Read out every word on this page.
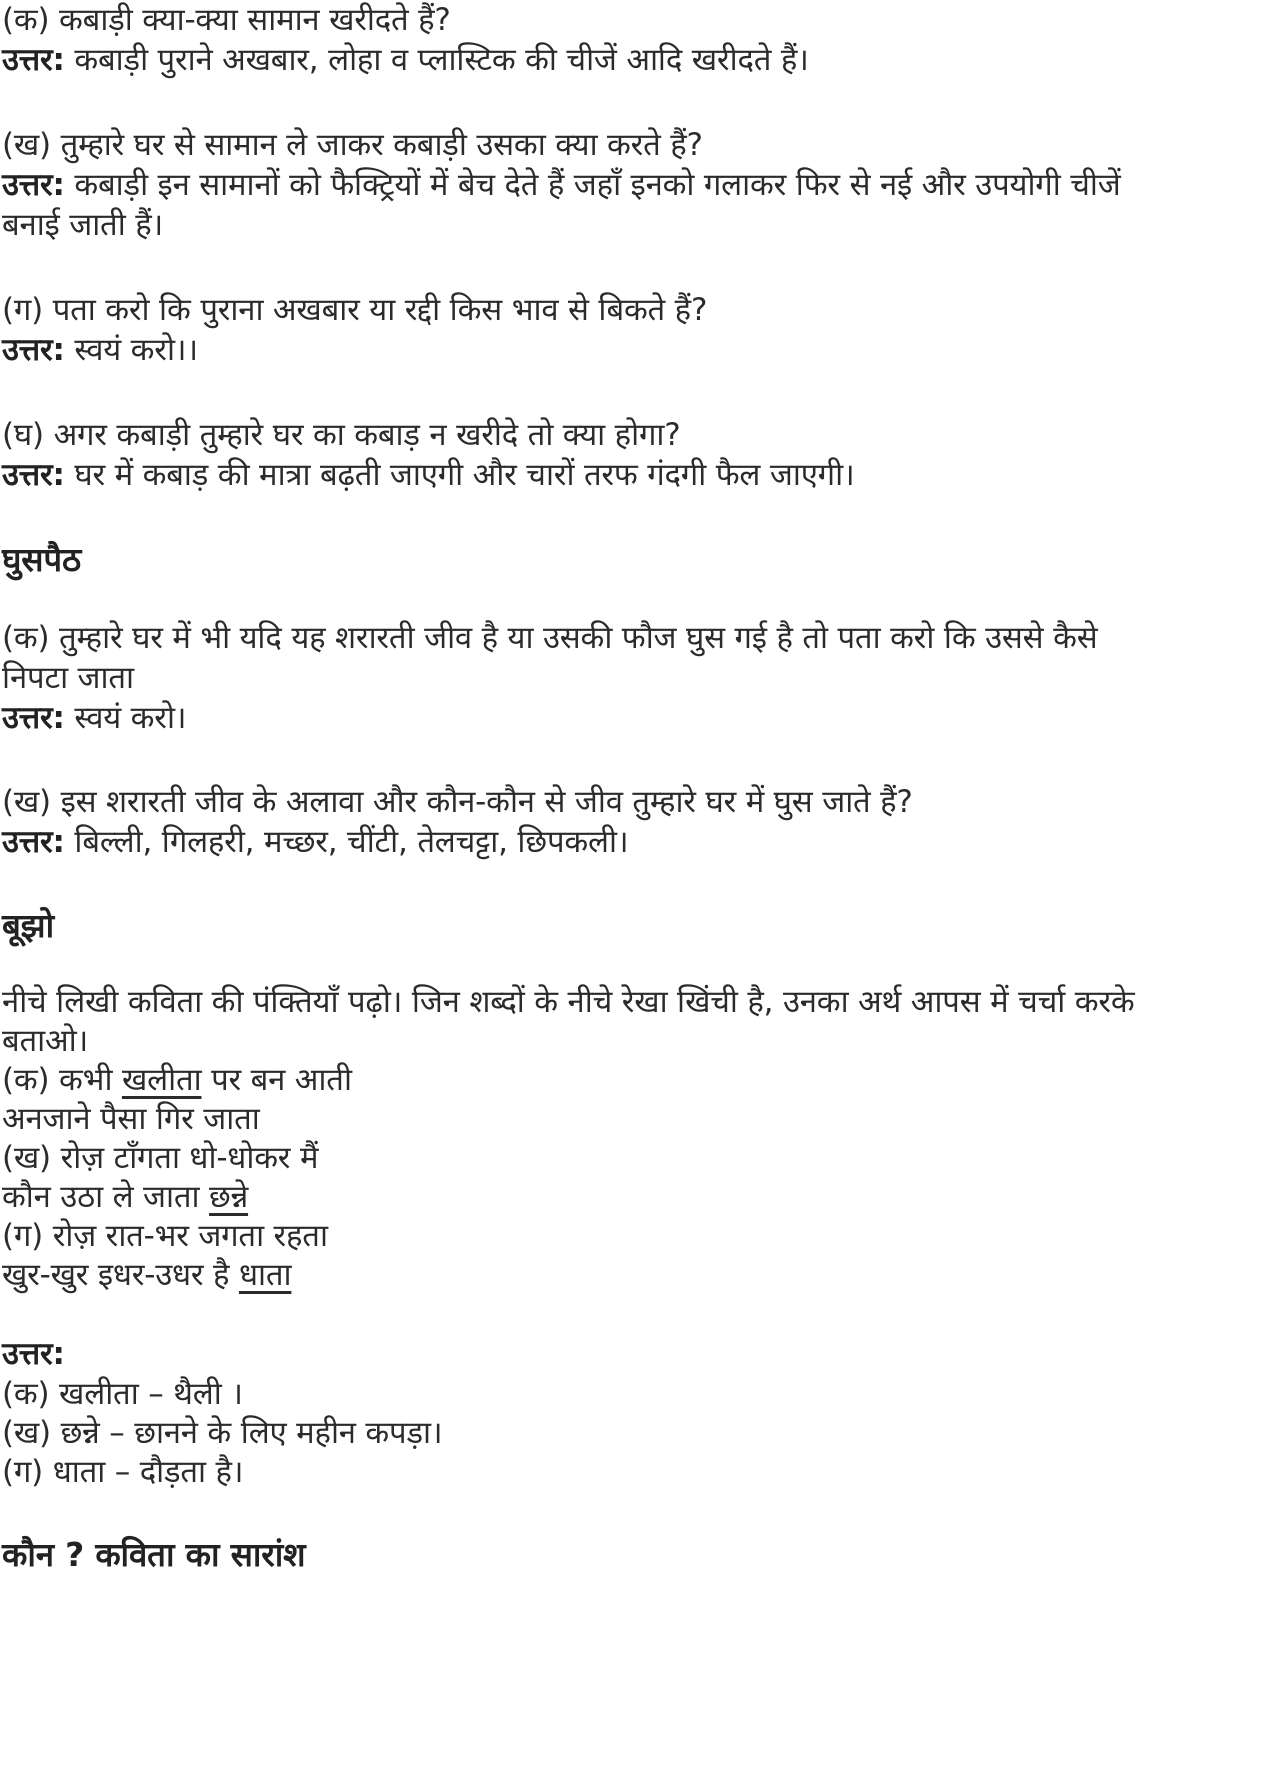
(क) कबाड़ी क्या-क्या सामान खरीदते हैं?
उत्तर: कबाड़ी पुराने अखबार, लोहा व प्लास्टिक की चीजें आदि खरीदते हैं।
(ख) तुम्हारे घर से सामान ले जाकर कबाड़ी उसका क्या करते हैं?
उत्तर: कबाड़ी इन सामानों को फैक्ट्रियों में बेच देते हैं जहाँ इनको गलाकर फिर से नई और उपयोगी चीजें
बनाई जाती हैं।
(ग) पता करो कि पुराना अखबार या रद्दी किस भाव से बिकते हैं?
उत्तर: स्वयं करो।।
(घ) अगर कबाड़ी तुम्हारे घर का कबाड़ न खरीदे तो क्या होगा?
उत्तर: घर में कबाड़ की मात्रा बढ़ती जाएगी और चारों तरफ गंदगी फैल जाएगी।
घुसपैठ
(क) तुम्हारे घर में भी यदि यह शरारती जीव है या उसकी फौज घुस गई है तो पता करो कि उससे कैसे
निपटा जाता
उत्तर: स्वयं करो।
(ख) इस शरारती जीव के अलावा और कौन-कौन से जीव तुम्हारे घर में घुस जाते हैं?
उत्तर: बिल्ली, गिलहरी, मच्छर, चींटी, तेलचट्टा, छिपकली।
बूझो
नीचे लिखी कविता की पंक्तियाँ पढ़ो। जिन शब्दों के नीचे रेखा खिंची है, उनका अर्थ आपस में चर्चा करके
बताओ।
(क) कभी खलीता पर बन आती
अनजाने पैसा गिर जाता
(ख) रोज़ टाँगता धो-धोकर मैं
कौन उठा ले जाता छन्ने
(ग) रोज़ रात-भर जगता रहता
खुर-खुर इधर-उधर है धाता
उत्तर:
(क) खलीता – थैली ।
(ख) छन्ने – छानने के लिए महीन कपड़ा।
(ग) धाता – दौड़ता है।
कौन ? कविता का सारांश
